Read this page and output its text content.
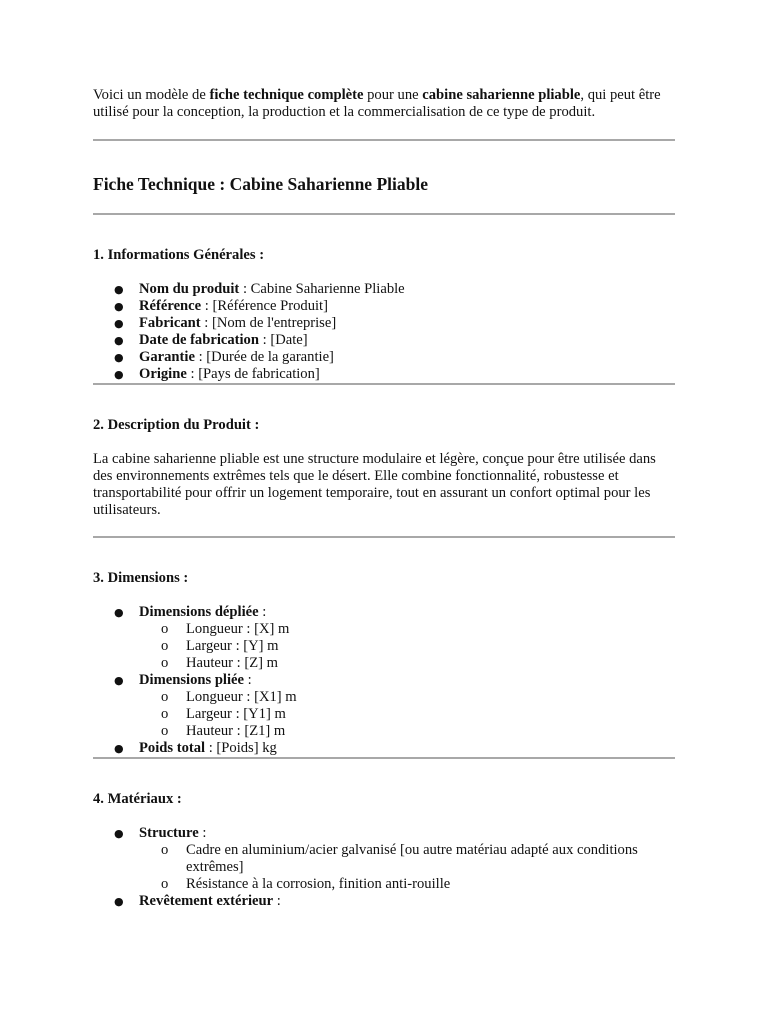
Voici un modèle de fiche technique complète pour une cabine saharienne pliable, qui peut être utilisé pour la conception, la production et la commercialisation de ce type de produit.

Fiche Technique : Cabine Saharienne Pliable

1. Informations Générales :

● Nom du produit : Cabine Saharienne Pliable
● Référence : [Référence Produit]
● Fabricant : [Nom de l'entreprise]
● Date de fabrication : [Date]
● Garantie : [Durée de la garantie]
● Origine : [Pays de fabrication]

2. Description du Produit :

La cabine saharienne pliable est une structure modulaire et légère, conçue pour être utilisée dans des environnements extrêmes tels que le désert. Elle combine fonctionnalité, robustesse et transportabilité pour offrir un logement temporaire, tout en assurant un confort optimal pour les utilisateurs.

3. Dimensions :

● Dimensions dépliée :
o	Longueur : [X] m
o	Largeur : [Y] m
o	Hauteur : [Z] m
● Dimensions pliée :
o	Longueur : [X1] m
o	Largeur : [Y1] m
o	Hauteur : [Z1] m
● Poids total : [Poids] kg

4. Matériaux :

● Structure :
o	Cadre en aluminium/acier galvanisé [ou autre matériau adapté aux conditions extrêmes]
o	Résistance à la corrosion, finition anti-rouille
● Revêtement extérieur :
